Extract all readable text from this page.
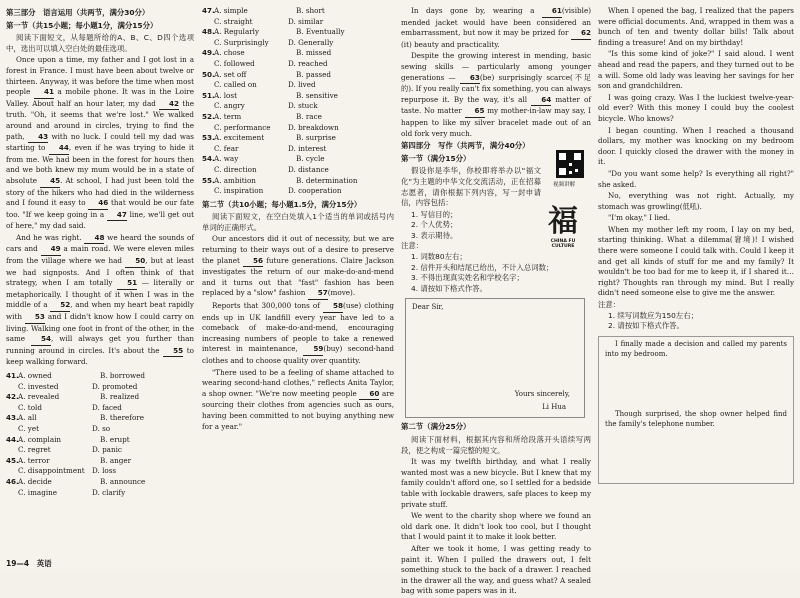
第三部分　语言运用（共两节，满分30分）
第一节（共15小题；每小题1分，满分15分）

阅读下面短文，从每题所给的A、B、C、D四个选项中，选出可以填入空白处的最佳选项。

Once upon a time, my father and I got lost in a forest in France. I must have been about twelve or thirteen. Anyway, it was before the time when most people 41 a mobile phone. It was in the Loire Valley. About half an hour later, my dad 42 the truth. "Oh, it seems that we're lost." We walked around and around in circles, trying to find the path, 43 with no luck. I could tell my dad was starting to 44, even if he was trying to hide it from me. We had been in the forest for hours then and we both knew my mum would be in a state of absolute 45. At school, I had just been told the story of the hikers who had died in the wilderness and I found it easy to 46 that would be our fate too. "If we keep going in a 47 line, we'll get out of here," my dad said.

And he was right. 48 we heard the sounds of cars and 49 a main road. We were eleven miles from the village where we had 50, but at least we had signposts. And I often think of that strategy, when I am totally 51 — literally or metaphorically. I thought of it when I was in the middle of a 52, and when my heart beat rapidly with 53 and I didn't know how I could carry on living. Walking one foot in front of the other, in the same 54, will always get you further than running around in circles. It's about the 55 to keep walking forward.

41. A. owned	B. borrowed
C. invested	D. promoted
42. A. revealed	B. realized
C. told	D. faced
43. A. all	B. therefore
C. yet	D. so
44. A. complain	B. erupt
C. regret	D. panic
45. A. terror	B. anger
C. disappointment	D. loss
46. A. decide	B. announce
C. imagine	D. clarify
47. A. simple	B. short
C. straight	D. similar
48. A. Regularly	B. Eventually
C. Surprisingly	D. Generally
49. A. chose	B. missed
C. followed	D. reached
50. A. set off	B. passed
C. called on	D. lived
51. A. lost	B. sensitive
C. angry	D. stuck
52. A. term	B. race
C. performance	D. breakdown
53. A. excitement	B. surprise
C. fear	D. interest
54. A. way	B. cycle
C. direction	D. distance
55. A. ambition	B. determination
C. inspiration	D. cooperation
第二节（共10小题；每小题1.5分，满分15分）

阅读下面短文，在空白处填入1个适当的单词或括号内单词的正确形式。

Our ancestors did it out of necessity, but we are returning to their ways out of a desire to preserve the planet 56 future generations. Claire Jackson investigates the return of our make-do-and-mend and it turns out that "fast" fashion has been replaced by a "slow" fashion 57(move).

Reports that 300,000 tons of 58(use) clothing ends up in UK landfill every year have led to a comeback of make-do-and-mend, encouraging increasing numbers of people to take a renewed interest in maintenance, 59(buy) second-hand clothes and to choose quality over quantity.

"There used to be a feeling of shame attached to wearing second-hand clothes," reflects Anita Taylor, a shop owner. "We're now meeting people 60 are sourcing their clothes from agencies such as ours, having been committed to not buying anything new for a year."

In days gone by, wearing a 61(visible) mended jacket would have been considered an embarrassment, but now it may be prized for 62(it) beauty and practicality.

Despite the growing interest in mending, basic sewing skills — particularly among younger generations — 63(be) surprisingly scarce(不足的). If you really can't fix something, you can always repurpose it. By the way, it's all 64 matter of taste. No matter 65 my mother-in-law may say, I happen to like my silver bracelet made out of an old fork very much.

第四部分　写作（共两节，满分40分）
第一节（满分15分）

假设你是李华，你校即将举办以"福文化"为主题的中华文化交流活动，正在招募志愿者，请你根据下列内容，写一封申请信，内容包括：

1. 写信目的；
2. 个人优势；
3. 表示期待。
注意：
1. 词数80左右；
2. 信件开头和结尾已给出，不计入总词数；
3. 不得出现真实姓名和学校名字；
4. 请按如下格式作答。
Dear Sir,
Yours sincerely,
Li Hua
第二节（满分25分）

阅读下面材料，根据其内容和所给段落开头语续写两段，使之构成一篇完整的短文。

It was my twelfth birthday, and what I really wanted most was a new bicycle. But I knew that my family couldn't afford one, so I settled for a bedside table with lockable drawers, safe places to keep my private stuff.

We went to the charity shop where we found an old dark one. It didn't look too cool, but I thought that I would paint it to make it look better.

After we took it home, I was getting ready to paint it. When I pulled the drawers out, I felt something stuck to the back of a drawer. I reached in the drawer all the way, and guess what? A sealed bag with some papers was in it.

When I opened the bag, I realized that the papers were official documents. And, wrapped in them was a bunch of ten and twenty dollar bills! Talk about finding a treasure! And on my birthday!

"Is this some kind of joke?" I said aloud. I went ahead and read the papers, and they turned out to be a will. Some old lady was leaving her savings for her son and grandchildren.

I was going crazy. Was I the luckiest twelve-year-old ever? With this money I could buy the coolest bicycle. Who knows?

I began counting. When I reached a thousand dollars, my mother was knocking on my bedroom door. I quickly closed the drawer with the money in it.

"Do you want some help? Is everything all right?" she asked.

No, everything was not right. Actually, my stomach was growling(低吼).

"I'm okay," I lied.

When my mother left my room, I lay on my bed, starting thinking. What a dilemma(窘境)! I wished there were someone I could talk with. Could I keep it and get all kinds of stuff for me and my family? It wouldn't be too bad for me to keep it, if I shared it… right? Thoughts ran through my mind. But I really didn't need someone else to give me the answer.

注意：
1. 续写词数应为150左右；
2. 请按如下格式作答。

I finally made a decision and called my parents into my bedroom.

Though surprised, the shop owner helped find the family's telephone number.

视频讲解
福
CHINA FU CULTURE
19—4　英语
